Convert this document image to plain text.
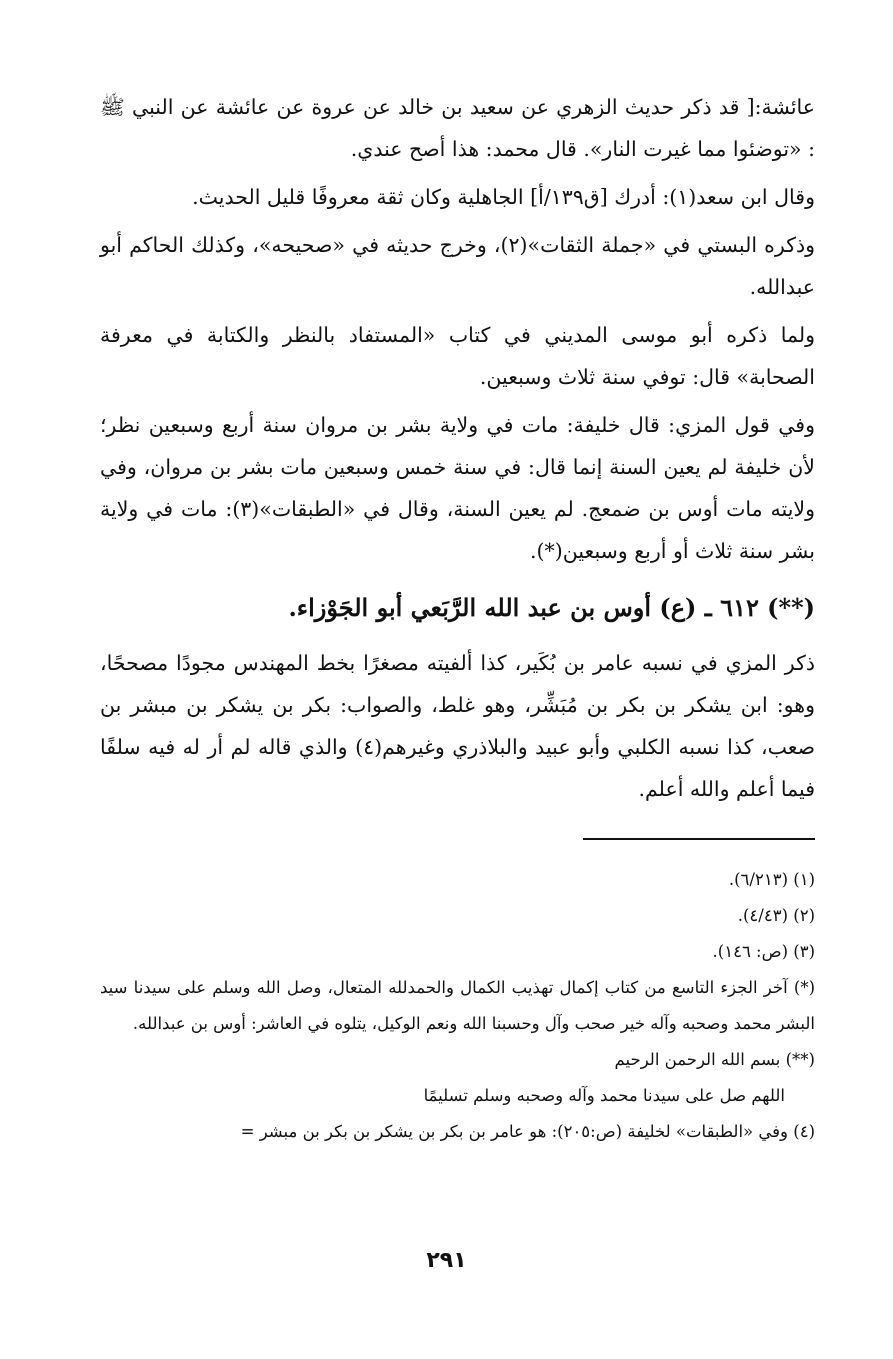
عائشة:[ قد ذكر حديث الزهري عن سعيد بن خالد عن عروة عن عائشة عن النبي ﷺ : «توضئوا مما غيرت النار». قال محمد: هذا أصح عندي.

وقال ابن سعد(١): أدرك [ق١٣٩/أ] الجاهلية وكان ثقة معروفًا قليل الحديث.

وذكره البستي في «جملة الثقات»(٢)، وخرج حديثه في «صحيحه»، وكذلك الحاكم أبو عبدالله.

ولما ذكره أبو موسى المديني في كتاب «المستفاد بالنظر والكتابة في معرفة الصحابة» قال: توفي سنة ثلاث وسبعين.

وفي قول المزي: قال خليفة: مات في ولاية بشر بن مروان سنة أربع وسبعين نظر؛ لأن خليفة لم يعين السنة إنما قال: في سنة خمس وسبعين مات بشر بن مروان، وفي ولايته مات أوس بن ضمعج. لم يعين السنة، وقال في «الطبقات»(٣): مات في ولاية بشر سنة ثلاث أو أربع وسبعين(*).

(**) ٦١٢ ـ (ع) أوس بن عبد الله الرَّبَعي أبو الجَوْزاء.

ذكر المزي في نسبه عامر بن بُكَير، كذا ألفيته مصغرًا بخط المهندس مجودًا مصححًا، وهو: ابن يشكر بن بكر بن مُبَشِّر، وهو غلط، والصواب: بكر بن يشكر بن مبشر بن صعب، كذا نسبه الكلبي وأبو عبيد والبلاذري وغيرهم(٤) والذي قاله لم أر له فيه سلفًا فيما أعلم والله أعلم.

(١) (٦/٢١٣).

(٢) (٤/٤٣).

(٣) (ص: ١٤٦).

(*) آخر الجزء التاسع من كتاب إكمال تهذيب الكمال والحمدلله المتعال، وصل الله وسلم على سيدنا سيد البشر محمد وصحبه وآله خير صحب وآل وحسبنا الله ونعم الوكيل، يتلوه في العاشر: أوس بن عبدالله.

(**) بسم الله الرحمن الرحيم

اللهم صل على سيدنا محمد وآله وصحبه وسلم تسليمًا

(٤) وفي «الطبقات» لخليفة (ص:٢٠٥): هو عامر بن بكر بن يشكر بن بكر بن مبشر =

٢٩١
